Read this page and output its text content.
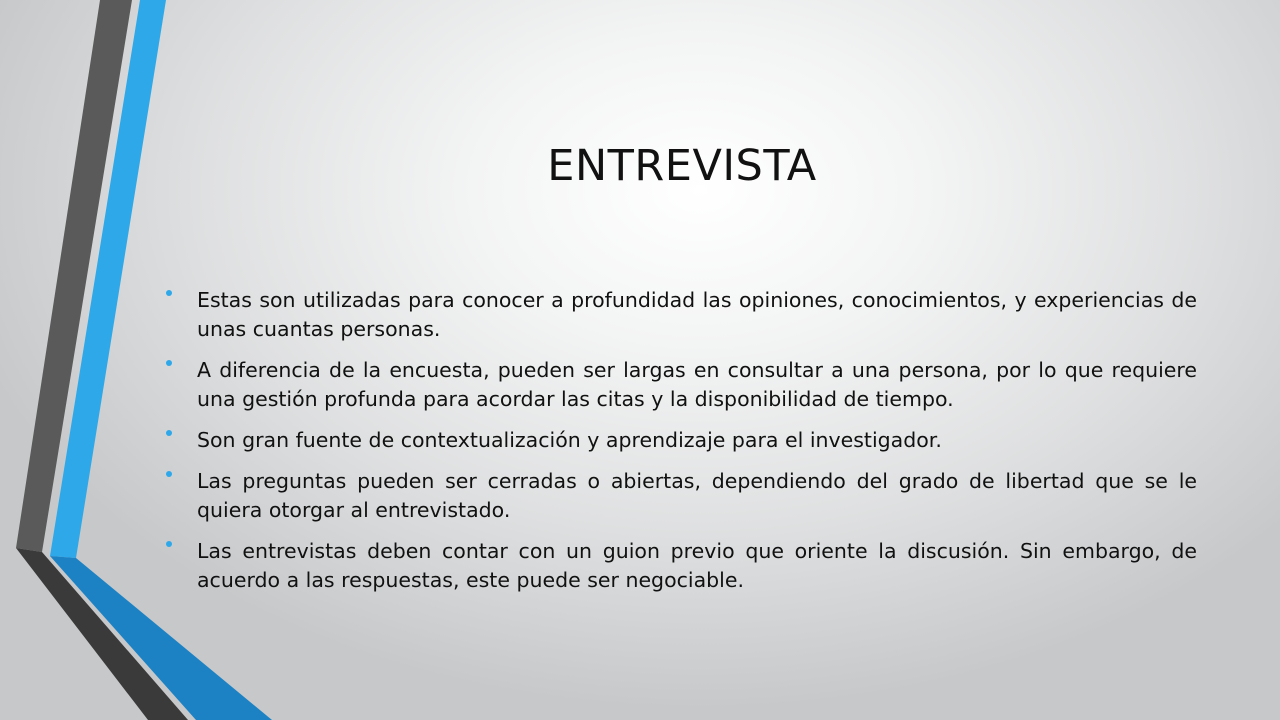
ENTREVISTA
Estas son utilizadas para conocer a profundidad las opiniones, conocimientos, y experiencias de unas cuantas personas.
A diferencia de la encuesta, pueden ser largas en consultar a una persona, por lo que requiere una gestión profunda para acordar las citas y la disponibilidad de tiempo.
Son gran fuente de contextualización y aprendizaje para el investigador.
Las preguntas pueden ser cerradas o abiertas, dependiendo del grado de libertad que se le quiera otorgar al entrevistado.
Las entrevistas deben contar con un guion previo que oriente la discusión. Sin embargo, de acuerdo a las respuestas, este puede ser negociable.
